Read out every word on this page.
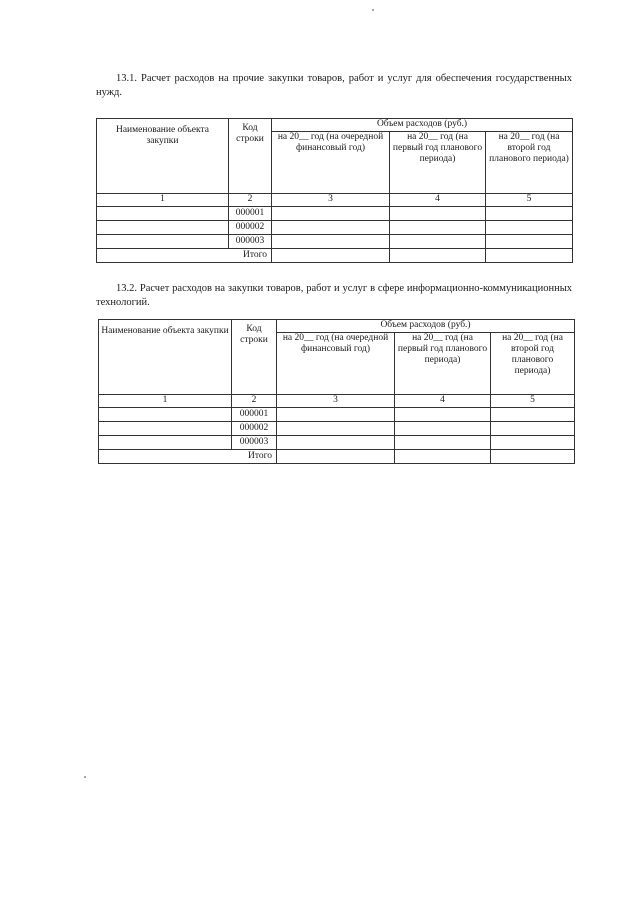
13.1. Расчет расходов на прочие закупки товаров, работ и услуг для обеспечения государственных нужд.
Наименование объекта закупки	Код строки	Объем расходов (руб.)		
		на 20__ год (на очередной финансовый год)	на 20__ год (на первый год планового периода)	на 20__ год (на второй год планового периода)
1	2	3	4	5
	000001			
	000002			
	000003			
Итого				
13.2. Расчет расходов на закупки товаров, работ и услуг в сфере информационно-коммуникационных технологий.
Наименование объекта закупки	Код строки	Объем расходов (руб.)		
		на 20__ год (на очередной финансовый год)	на 20__ год (на первый год планового периода)	на 20__ год (на второй год планового периода)
1	2	3	4	5
	000001			
	000002			
	000003			
Итого				
